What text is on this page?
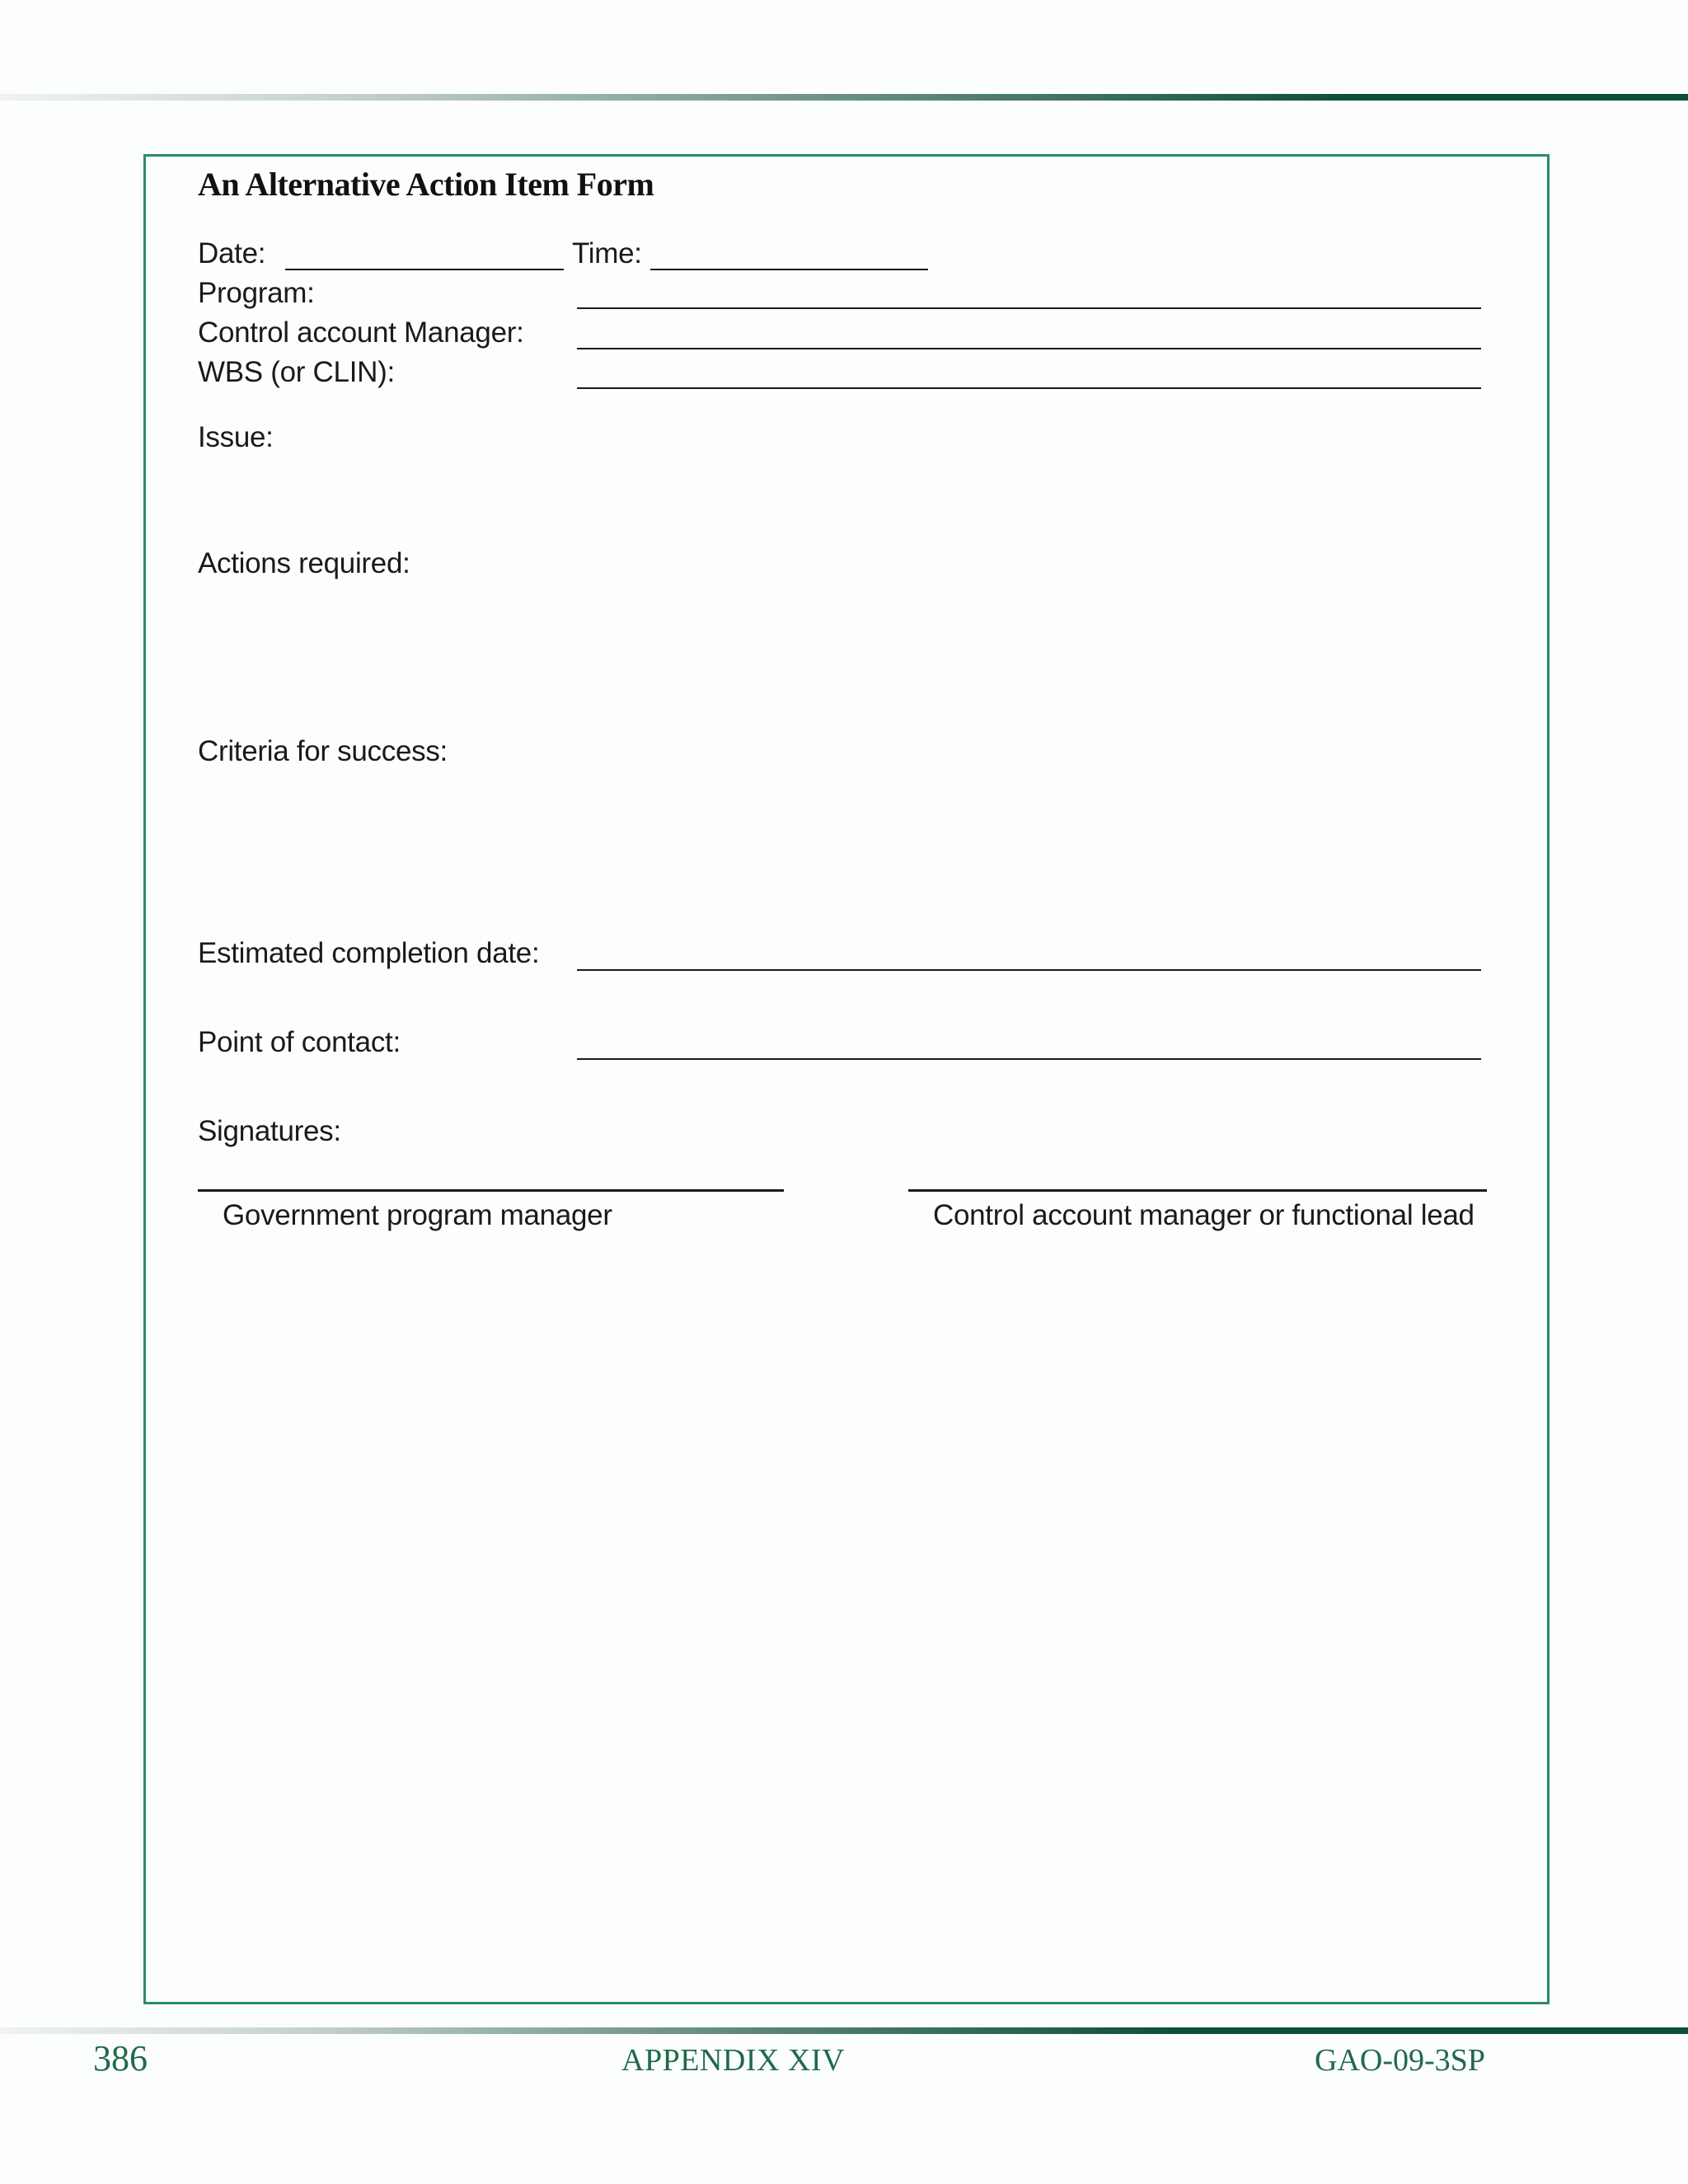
An Alternative Action Item Form
Date:	Time:
Program:
Control account Manager:
WBS (or CLIN):
Issue:
Actions required:
Criteria for success:
Estimated completion date:
Point of contact:
Signatures:
Government program manager	Control account manager or functional lead
386	APPENDIX XIV	GAO-09-3SP
